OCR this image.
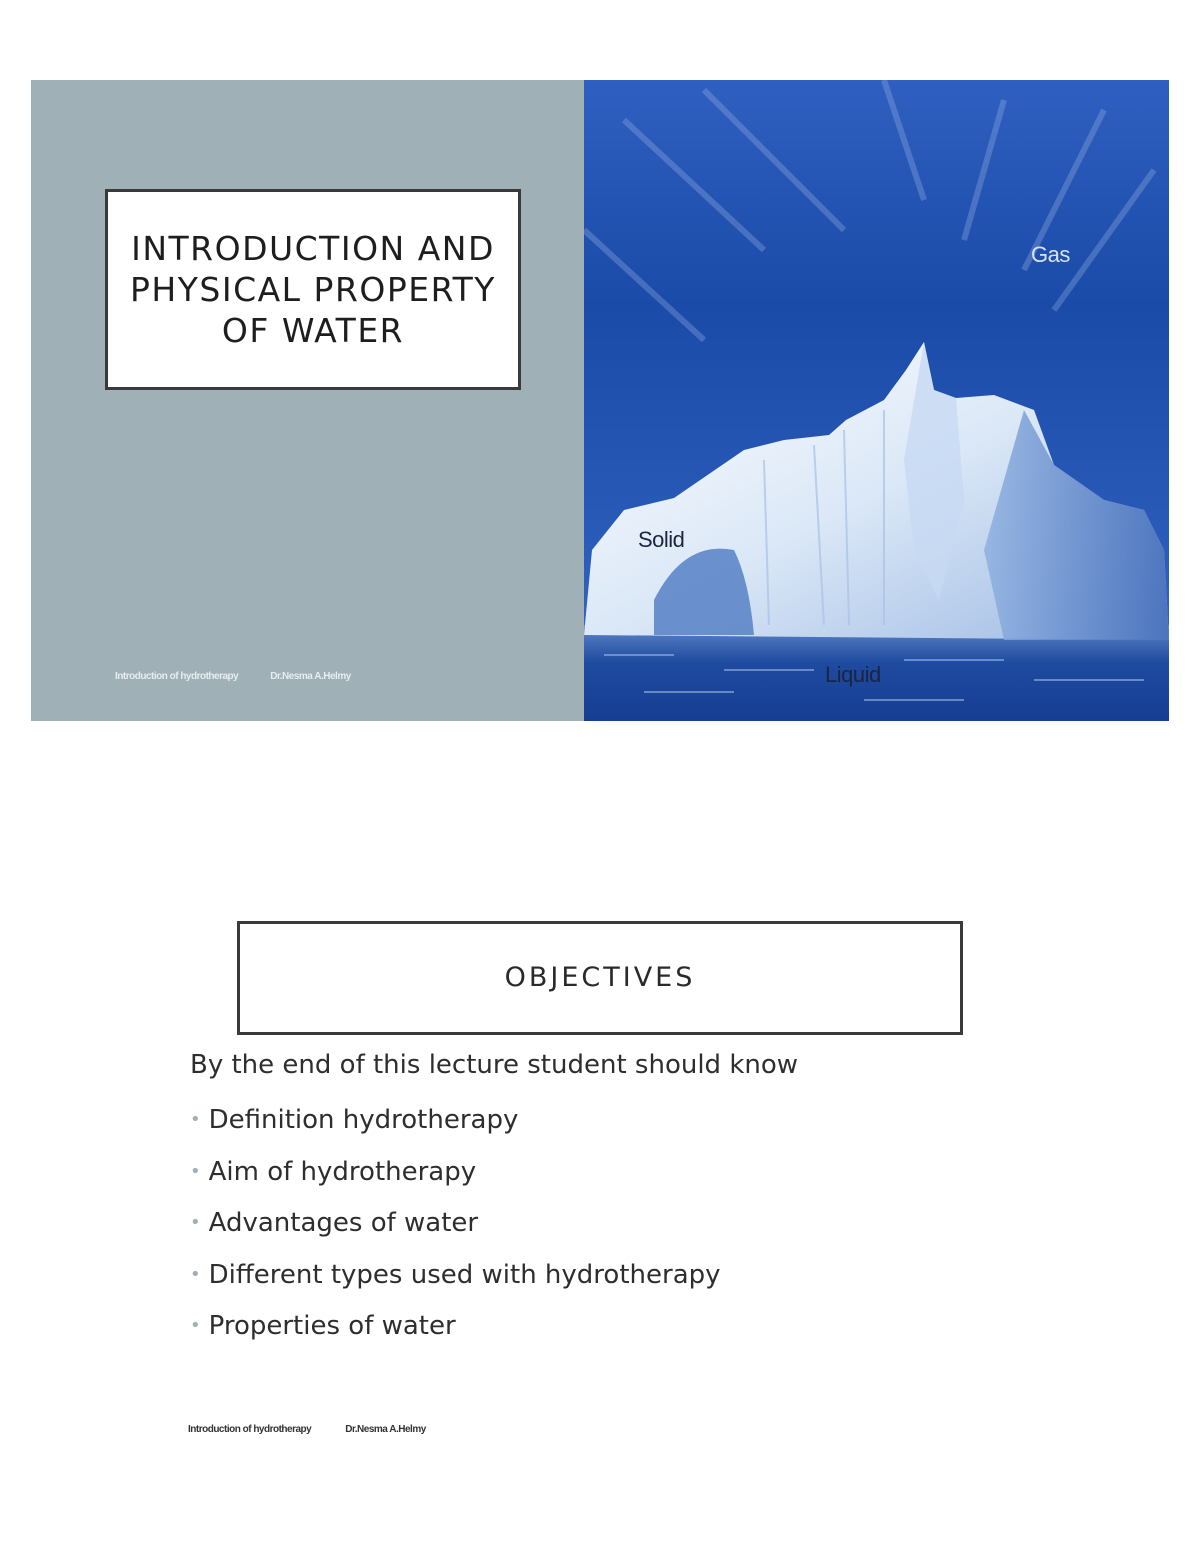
INTRODUCTION AND PHYSICAL PROPERTY OF WATER
Introduction of hydrotherapy	Dr.Nesma A.Helmy
Gas
Solid
Liquid
OBJECTIVES

By the end of this lecture student should know

• Definition hydrotherapy
• Aim of hydrotherapy
• Advantages of water
• Different types used with hydrotherapy
• Properties of water
Introduction of hydrotherapy	Dr.Nesma A.Helmy
